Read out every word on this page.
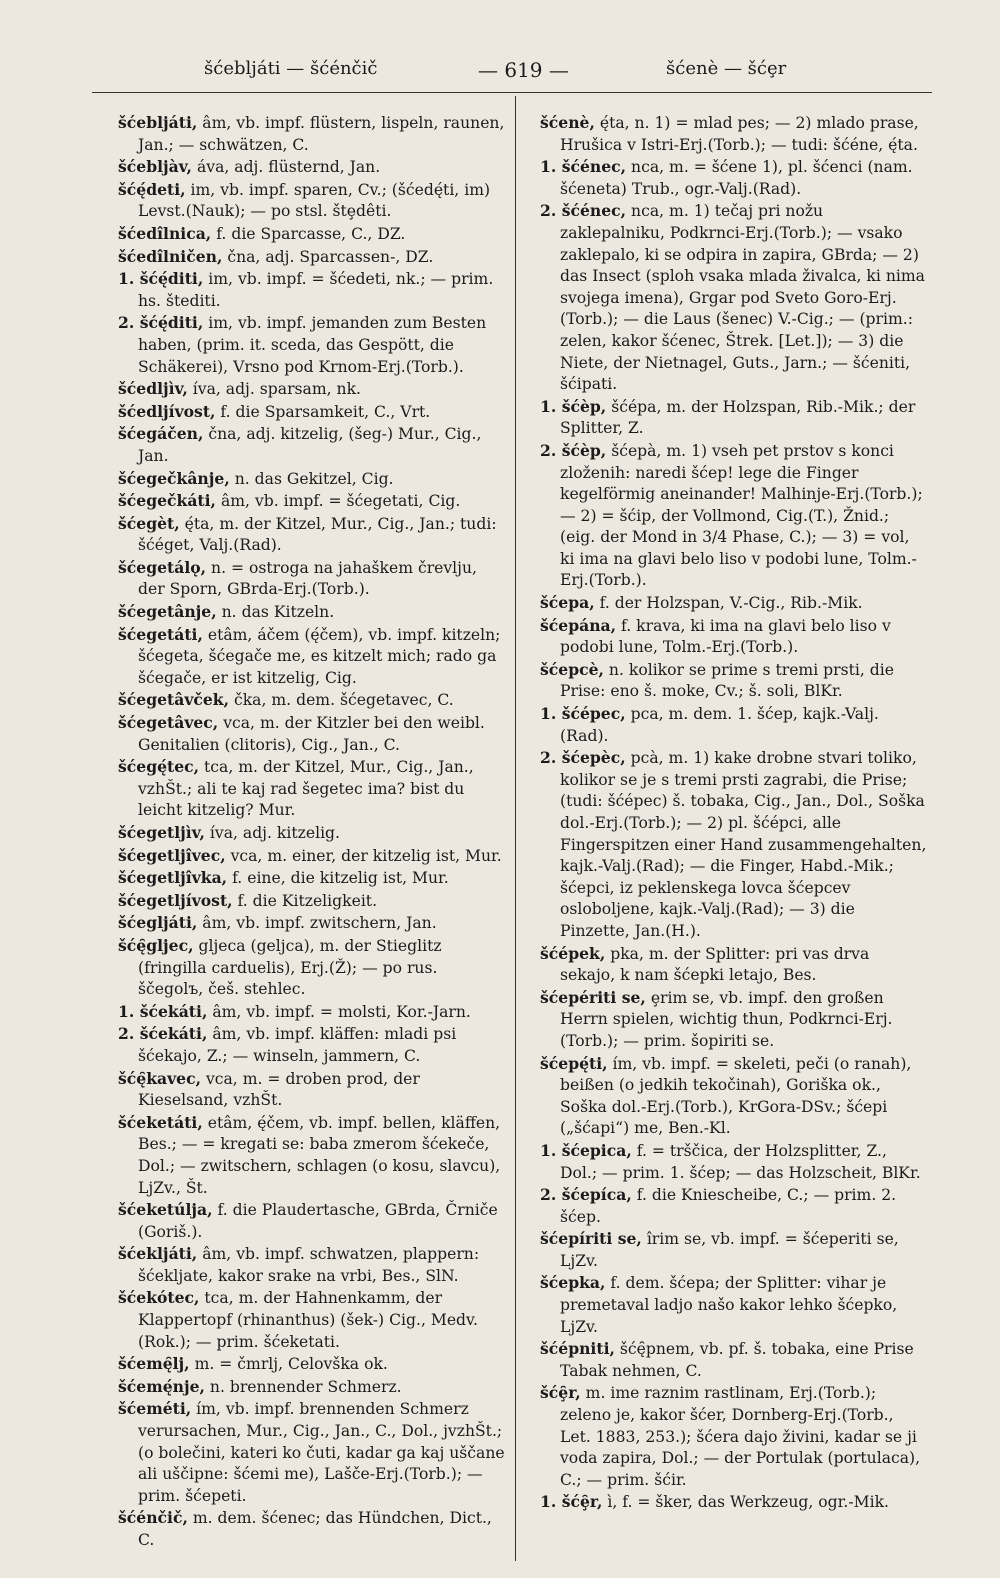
šćebljáti — šćénčič	— 619 —	šćenè — šćȩr

šćebljáti, âm, vb. impf. flüstern, lispeln, raunen, Jan.; — schwätzen, C.

šćebljàv, áva, adj. flüsternd, Jan.

šćę́deti, im, vb. impf. sparen, Cv.; (šćedę́ti, im) Levst.(Nauk); — po stsl. štȩdêti.

šćedîlnica, f. die Sparcasse, C., DZ.

šćedîlničen, čna, adj. Sparcassen-, DZ.

1. šćę́diti, im, vb. impf. = šćedeti, nk.; — prim. hs. štediti.

2. šćę́diti, im, vb. impf. jemanden zum Besten haben, (prim. it. sceda, das Gespött, die Schäkerei), Vrsno pod Krnom-Erj.(Torb.).

šćedljìv, íva, adj. sparsam, nk.

šćedljívost, f. die Sparsamkeit, C., Vrt.

šćegáčen, čna, adj. kitzelig, (šeg-) Mur., Cig., Jan.

šćegečkânje, n. das Gekitzel, Cig.

šćegečkáti, âm, vb. impf. = šćegetati, Cig.

šćegèt, ę́ta, m. der Kitzel, Mur., Cig., Jan.; tudi: šćéget, Valj.(Rad).

šćegetálǫ, n. = ostroga na jahaškem črevlju, der Sporn, GBrda-Erj.(Torb.).

šćegetânje, n. das Kitzeln.

šćegetáti, etâm, áčem (ę́čem), vb. impf. kitzeln; šćegeta, šćegače me, es kitzelt mich; rado ga šćegače, er ist kitzelig, Cig.

šćegetâvček, čka, m. dem. šćegetavec, C.

šćegetâvec, vca, m. der Kitzler bei den weibl. Genitalien (clitoris), Cig., Jan., C.

šćegę́tec, tca, m. der Kitzel, Mur., Cig., Jan., vzhŠt.; ali te kaj rad šegetec ima? bist du leicht kitzelig? Mur.

šćegetljìv, íva, adj. kitzelig.

šćegetljîvec, vca, m. einer, der kitzelig ist, Mur.

šćegetljîvka, f. eine, die kitzelig ist, Mur.

šćegetljívost, f. die Kitzeligkeit.

šćegljáti, âm, vb. impf. zwitschern, Jan.

šćę̑gljec, gljeca (geljca), m. der Stieglitz (fringilla carduelis), Erj.(Ž); — po rus. ščegolъ, češ. stehlec.

1. šćekáti, âm, vb. impf. = molsti, Kor.-Jarn.

2. šćekáti, âm, vb. impf. kläffen: mladi psi šćekajo, Z.; — winseln, jammern, C.

šćę̑kavec, vca, m. = droben prod, der Kieselsand, vzhŠt.

šćeketáti, etâm, ę́čem, vb. impf. bellen, kläffen, Bes.; — = kregati se: baba zmerom šćekeče, Dol.; — zwitschern, schlagen (o kosu, slavcu), LjZv., Št.

šćeketúlja, f. die Plaudertasche, GBrda, Črniče (Goriš.).

šćekljáti, âm, vb. impf. schwatzen, plappern: šćekljate, kakor srake na vrbi, Bes., SlN.

šćekótec, tca, m. der Hahnenkamm, der Klappertopf (rhinanthus) (šek-) Cig., Medv.(Rok.); — prim. šćeketati.

šćemę̑lj, m. = čmrlj, Celovška ok.

šćemę́nje, n. brennender Schmerz.

šćeméti, ím, vb. impf. brennenden Schmerz verursachen, Mur., Cig., Jan., C., Dol., jvzhŠt.; (o bolečini, kateri ko čuti, kadar ga kaj uščane ali uščipne: šćemi me), Lašče-Erj.(Torb.); — prim. šćepeti.

šćénčič, m. dem. šćenec; das Hündchen, Dict., C.

šćenè, ę́ta, n. 1) = mlad pes; — 2) mlado prase, Hrušica v Istri-Erj.(Torb.); — tudi: šćéne, ę́ta.

1. šćénec, nca, m. = šćene 1), pl. šćenci (nam. šćeneta) Trub., ogr.-Valj.(Rad).

2. šćénec, nca, m. 1) tečaj pri nožu zaklepalniku, Podkrnci-Erj.(Torb.); — vsako zaklepalo, ki se odpira in zapira, GBrda; — 2) das Insect (sploh vsaka mlada živalca, ki nima svojega imena), Grgar pod Sveto Goro-Erj.(Torb.); — die Laus (šenec) V.-Cig.; — (prim.: zelen, kakor šćenec, Štrek. [Let.]); — 3) die Niete, der Nietnagel, Guts., Jarn.; — šćeniti, šćipati.

1. šćèp, šćépa, m. der Holzspan, Rib.-Mik.; der Splitter, Z.

2. šćèp, šćepà, m. 1) vseh pet prstov s konci zloženih: naredi šćep! lege die Finger kegelförmig aneinander! Malhinje-Erj.(Torb.); — 2) = šćip, der Vollmond, Cig.(T.), Žnid.; (eig. der Mond in 3/4 Phase, C.); — 3) = vol, ki ima na glavi belo liso v podobi lune, Tolm.-Erj.(Torb.).

šćepa, f. der Holzspan, V.-Cig., Rib.-Mik.

šćepána, f. krava, ki ima na glavi belo liso v podobi lune, Tolm.-Erj.(Torb.).

šćepcè, n. kolikor se prime s tremi prsti, die Prise: eno š. moke, Cv.; š. soli, BlKr.

1. šćépec, pca, m. dem. 1. šćep, kajk.-Valj. (Rad).

2. šćepèc, pcà, m. 1) kake drobne stvari toliko, kolikor se je s tremi prsti zagrabi, die Prise; (tudi: šćépec) š. tobaka, Cig., Jan., Dol., Soška dol.-Erj.(Torb.); — 2) pl. šćépci, alle Fingerspitzen einer Hand zusammengehalten, kajk.-Valj.(Rad); — die Finger, Habd.-Mik.; šćepci, iz peklenskega lovca šćepcev osloboljene, kajk.-Valj.(Rad); — 3) die Pinzette, Jan.(H.).

šćépek, pka, m. der Splitter: pri vas drva sekajo, k nam šćepki letajo, Bes.

šćepériti se, ȩrim se, vb. impf. den großen Herrn spielen, wichtig thun, Podkrnci-Erj.(Torb.); — prim. šopiriti se.

šćepę́ti, ím, vb. impf. = skeleti, peči (o ranah), beißen (o jedkih tekočinah), Goriška ok., Soška dol.-Erj.(Torb.), KrGora-DSv.; šćepi („šćapi“) me, Ben.-Kl.

1. šćepica, f. = trščica, der Holzsplitter, Z., Dol.; — prim. 1. šćep; — das Holzscheit, BlKr.

2. šćepíca, f. die Kniescheibe, C.; — prim. 2. šćep.

šćepíriti se, îrim se, vb. impf. = šćeperiti se, LjZv.

šćepka, f. dem. šćepa; der Splitter: vihar je premetaval ladjo našo kakor lehko šćepko, LjZv.

šćépniti, šćę̑pnem, vb. pf. š. tobaka, eine Prise Tabak nehmen, C.

šćȩ̑r, m. ime raznim rastlinam, Erj.(Torb.); zeleno je, kakor šćer, Dornberg-Erj.(Torb., Let. 1883, 253.); šćera dajo živini, kadar se ji voda zapira, Dol.; — der Portulak (portulaca), C.; — prim. šćir.

1. šćȩ̑r, ì, f. = šker, das Werkzeug, ogr.-Mik.
